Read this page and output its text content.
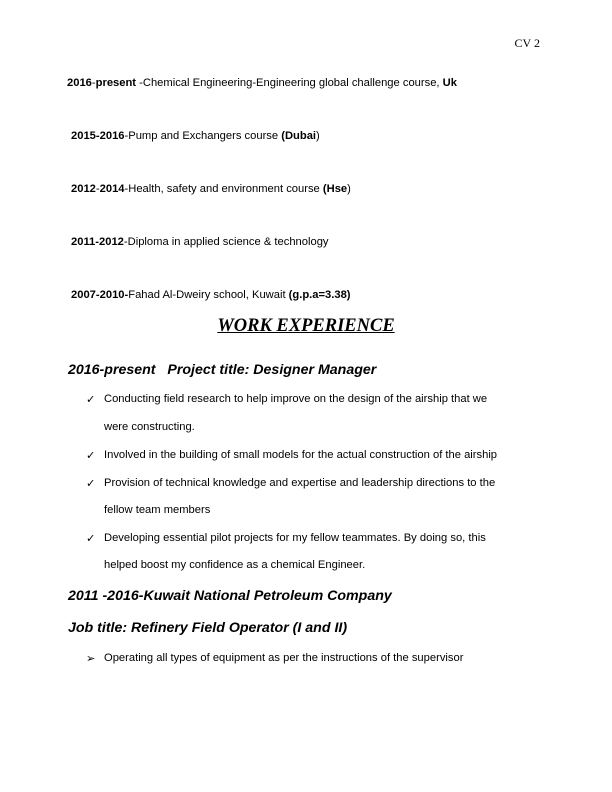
CV 2
2016-present -Chemical Engineering-Engineering global challenge course, Uk
2015-2016-Pump and Exchangers course (Dubai)
2012-2014-Health, safety and environment course (Hse)
2011-2012-Diploma in applied science & technology
2007-2010-Fahad Al-Dweiry school, Kuwait (g.p.a=3.38)
WORK EXPERIENCE
2016-present   Project title: Designer Manager
✓ Conducting field research to help improve on the design of the airship that we
were constructing.
✓ Involved in the building of small models for the actual construction of the airship
✓ Provision of technical knowledge and expertise and leadership directions to the
fellow team members
✓ Developing essential pilot projects for my fellow teammates. By doing so, this
helped boost my confidence as a chemical Engineer.
2011 -2016-Kuwait National Petroleum Company
Job title: Refinery Field Operator (I and II)
➢ Operating all types of equipment as per the instructions of the supervisor
